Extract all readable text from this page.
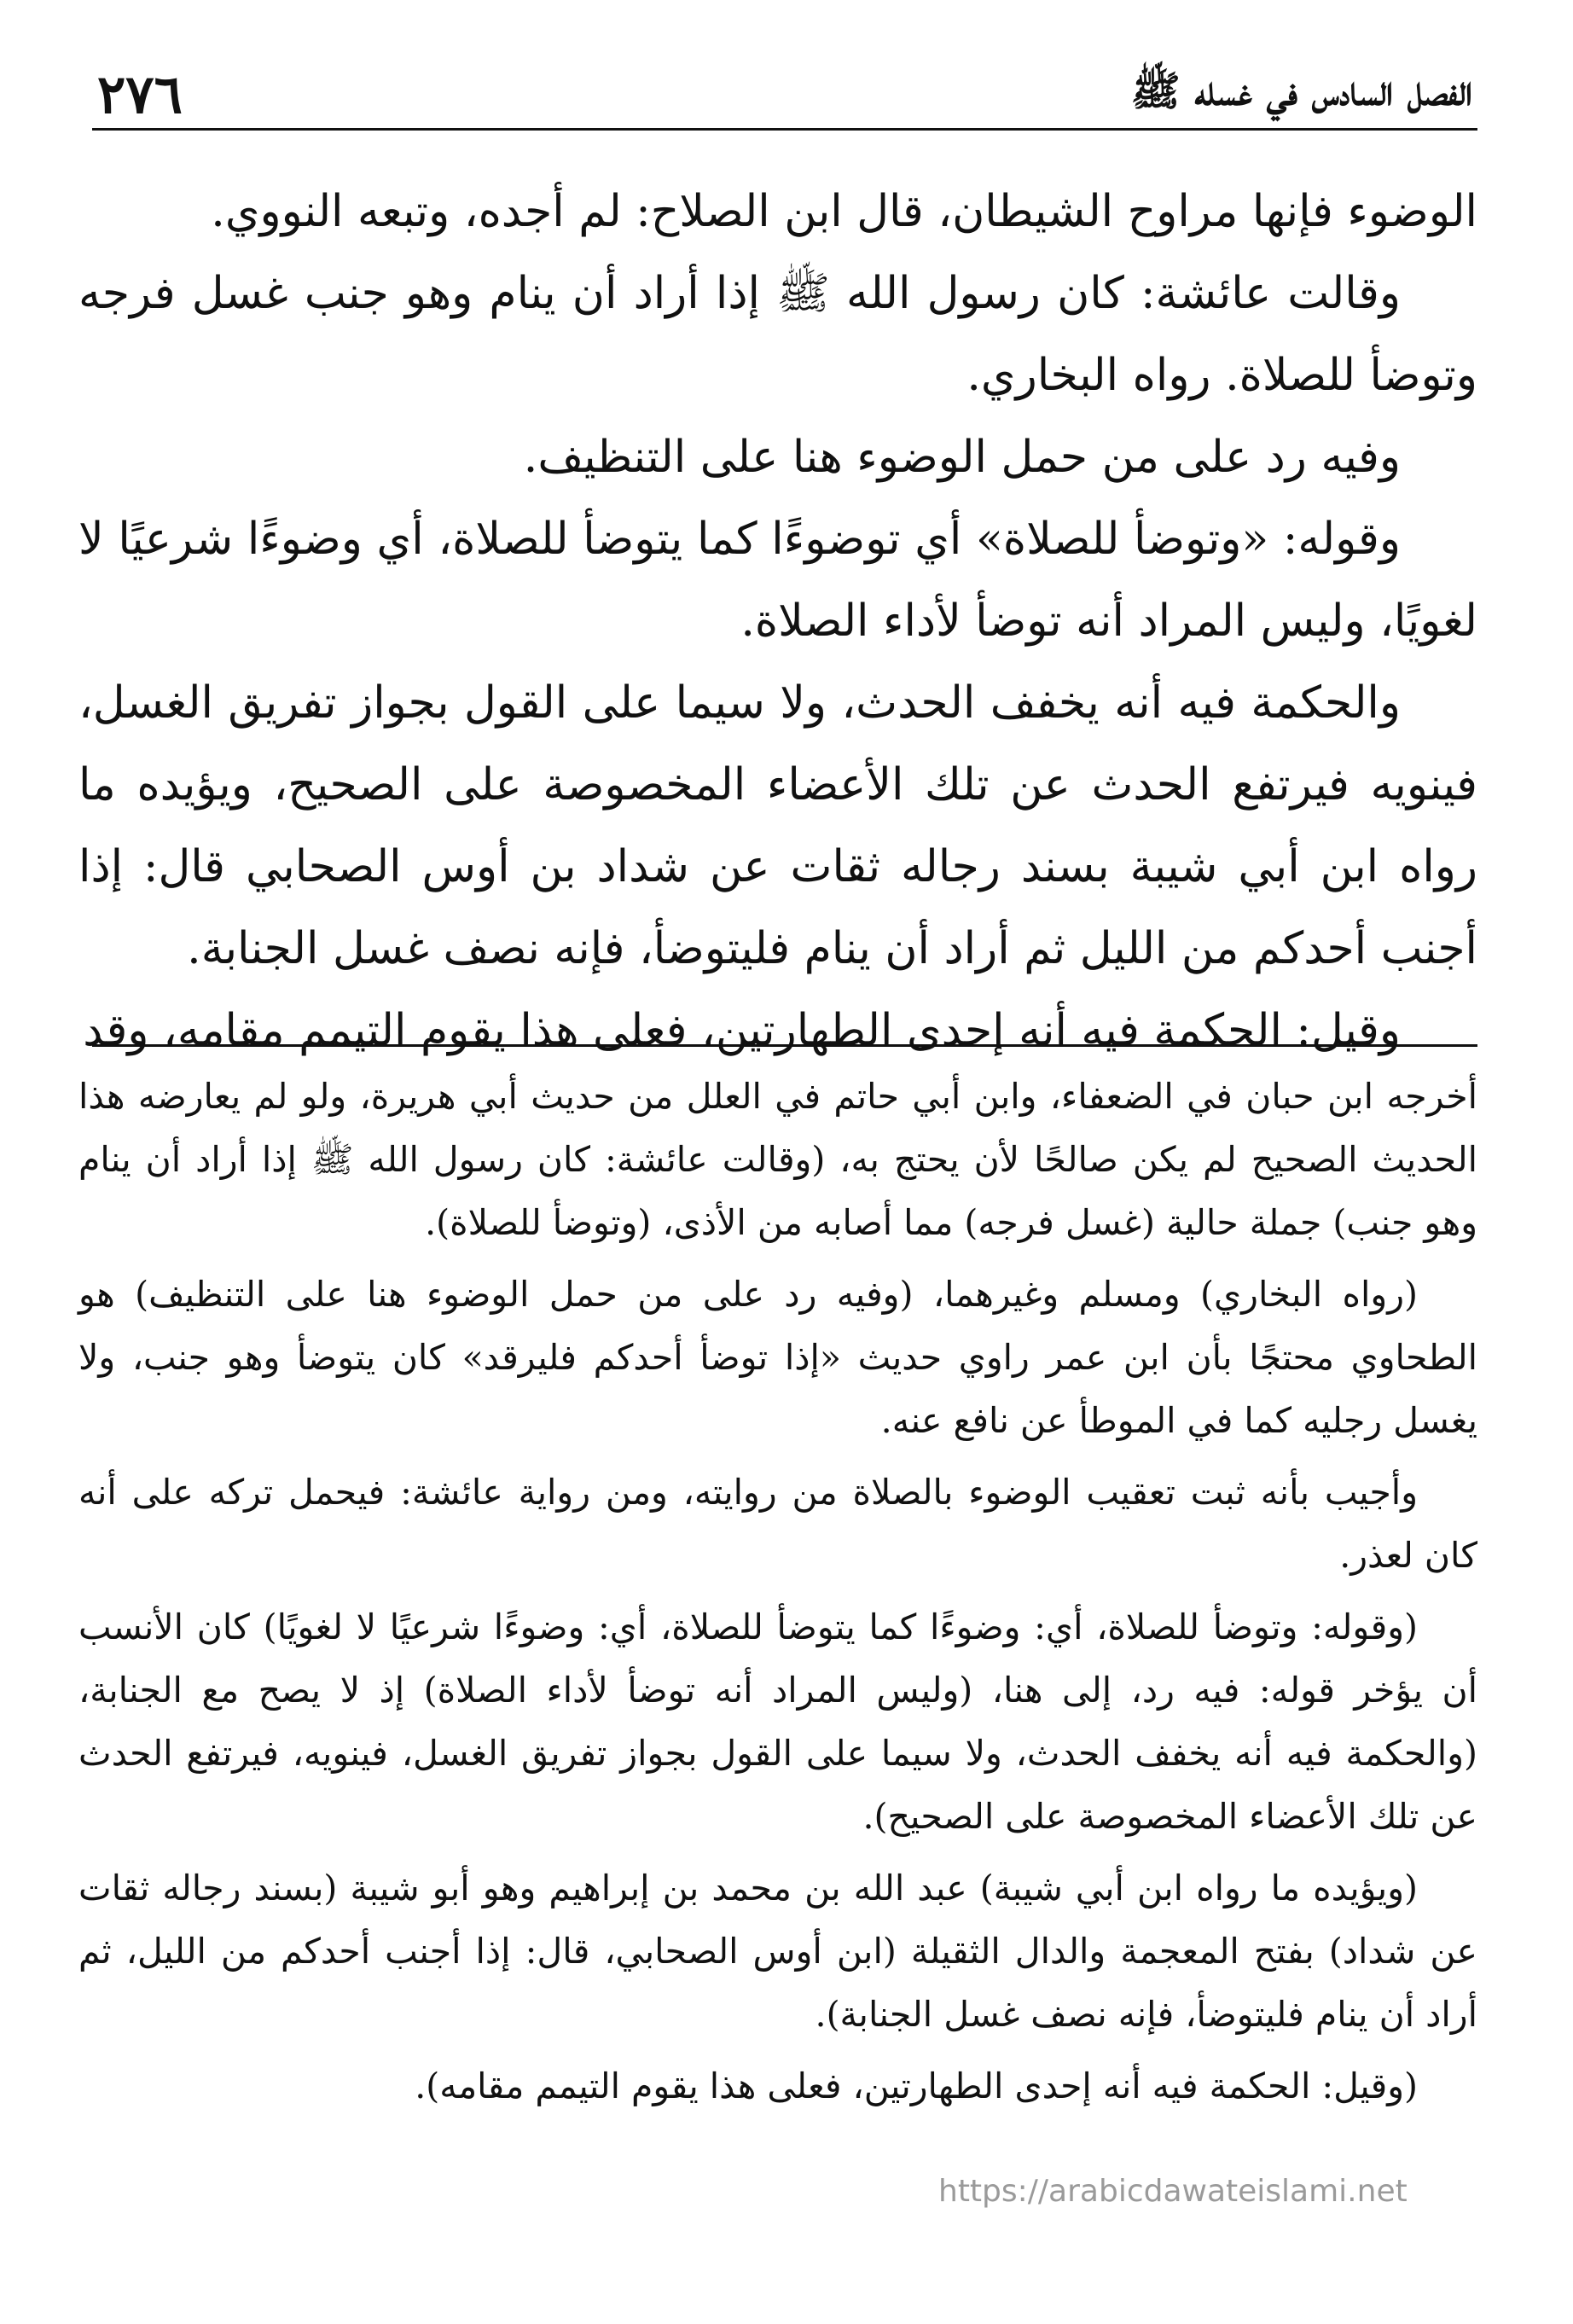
٢٧٦	الفصل السادس في غسله ﷺ

الوضوء فإنها مراوح الشيطان، قال ابن الصلاح: لم أجده، وتبعه النووي.

وقالت عائشة: كان رسول الله ﷺ إذا أراد أن ينام وهو جنب غسل فرجه وتوضأ للصلاة. رواه البخاري.

وفيه رد على من حمل الوضوء هنا على التنظيف.

وقوله: «وتوضأ للصلاة» أي توضوءًا كما يتوضأ للصلاة، أي وضوءًا شرعيًا لا لغويًا، وليس المراد أنه توضأ لأداء الصلاة.

والحكمة فيه أنه يخفف الحدث، ولا سيما على القول بجواز تفريق الغسل، فينويه فيرتفع الحدث عن تلك الأعضاء المخصوصة على الصحيح، ويؤيده ما رواه ابن أبي شيبة بسند رجاله ثقات عن شداد بن أوس الصحابي قال: إذا أجنب أحدكم من الليل ثم أراد أن ينام فليتوضأ، فإنه نصف غسل الجنابة.

وقيل: الحكمة فيه أنه إحدى الطهارتين، فعلى هذا يقوم التيمم مقامه، وقد

أخرجه ابن حبان في الضعفاء، وابن أبي حاتم في العلل من حديث أبي هريرة، ولو لم يعارضه هذا الحديث الصحيح لم يكن صالحًا لأن يحتج به، (وقالت عائشة: كان رسول الله ﷺ إذا أراد أن ينام وهو جنب) جملة حالية (غسل فرجه) مما أصابه من الأذى، (وتوضأ للصلاة).

(رواه البخاري) ومسلم وغيرهما، (وفيه رد على من حمل الوضوء هنا على التنظيف) هو الطحاوي محتجًا بأن ابن عمر راوي حديث «إذا توضأ أحدكم فليرقد» كان يتوضأ وهو جنب، ولا يغسل رجليه كما في الموطأ عن نافع عنه.

وأجيب بأنه ثبت تعقيب الوضوء بالصلاة من روايته، ومن رواية عائشة: فيحمل تركه على أنه كان لعذر.

(وقوله: وتوضأ للصلاة، أي: وضوءًا كما يتوضأ للصلاة، أي: وضوءًا شرعيًا لا لغويًا) كان الأنسب أن يؤخر قوله: فيه رد، إلى هنا، (وليس المراد أنه توضأ لأداء الصلاة) إذ لا يصح مع الجنابة، (والحكمة فيه أنه يخفف الحدث، ولا سيما على القول بجواز تفريق الغسل، فينويه، فيرتفع الحدث عن تلك الأعضاء المخصوصة على الصحيح).

(ويؤيده ما رواه ابن أبي شيبة) عبد الله بن محمد بن إبراهيم وهو أبو شيبة (بسند رجاله ثقات عن شداد) بفتح المعجمة والدال الثقيلة (ابن أوس الصحابي، قال: إذا أجنب أحدكم من الليل، ثم أراد أن ينام فليتوضأ، فإنه نصف غسل الجنابة).

(وقيل: الحكمة فيه أنه إحدى الطهارتين، فعلى هذا يقوم التيمم مقامه).

https://arabicdawateislami.net
